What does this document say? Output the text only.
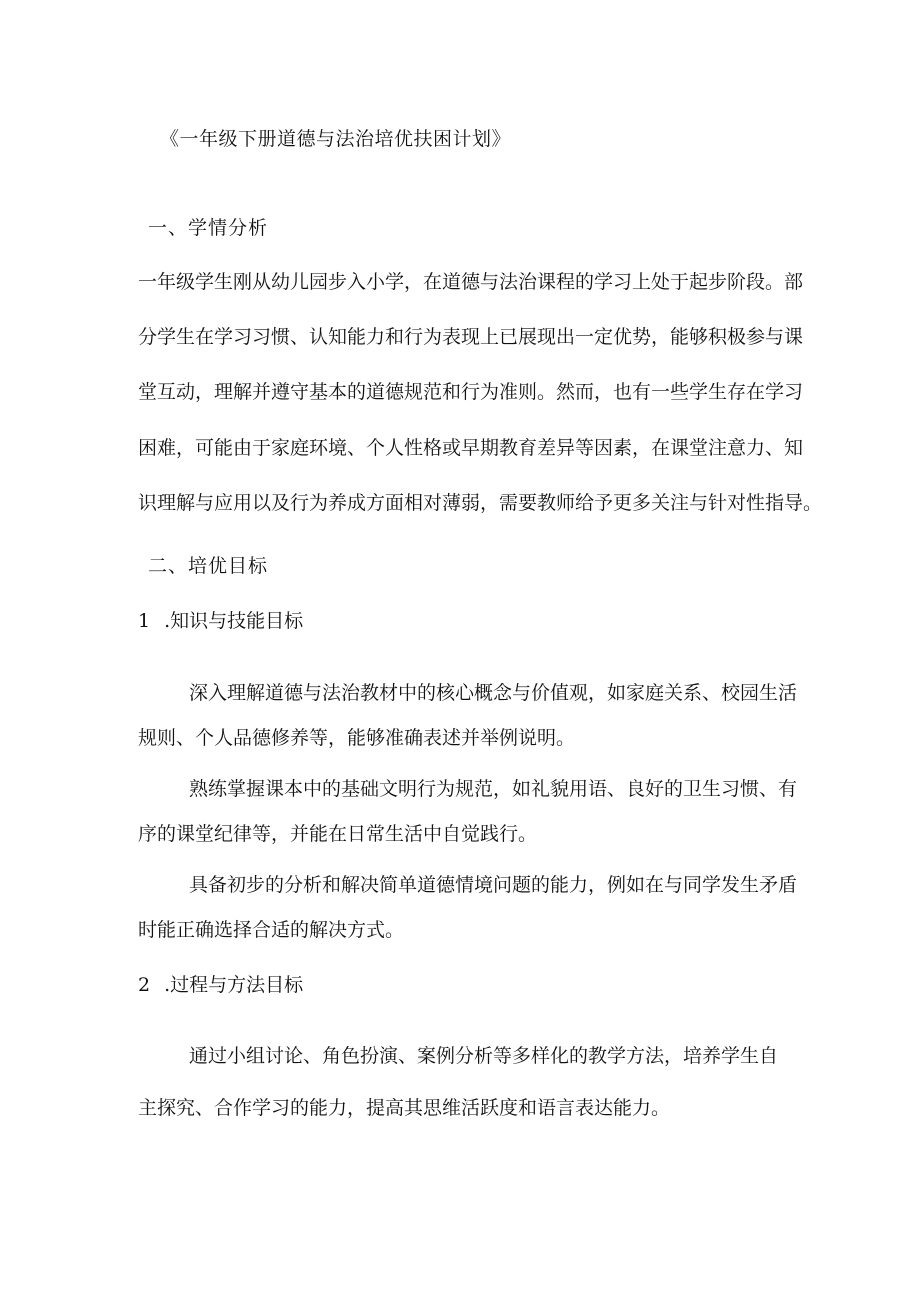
《一年级下册道德与法治培优扶困计划》
一、学情分析
一年级学生刚从幼儿园步入小学，在道德与法治课程的学习上处于起步阶段。部
分学生在学习习惯、认知能力和行为表现上已展现出一定优势，能够积极参与课
堂互动，理解并遵守基本的道德规范和行为准则。然而，也有一些学生存在学习
困难，可能由于家庭环境、个人性格或早期教育差异等因素，在课堂注意力、知
识理解与应用以及行为养成方面相对薄弱，需要教师给予更多关注与针对性指导。
二、培优目标
1 .知识与技能目标
深入理解道德与法治教材中的核心概念与价值观，如家庭关系、校园生活
规则、个人品德修养等，能够准确表述并举例说明。
熟练掌握课本中的基础文明行为规范，如礼貌用语、良好的卫生习惯、有
序的课堂纪律等，并能在日常生活中自觉践行。
具备初步的分析和解决简单道德情境问题的能力，例如在与同学发生矛盾
时能正确选择合适的解决方式。
2 .过程与方法目标
通过小组讨论、角色扮演、案例分析等多样化的教学方法，培养学生自
主探究、合作学习的能力，提高其思维活跃度和语言表达能力。
